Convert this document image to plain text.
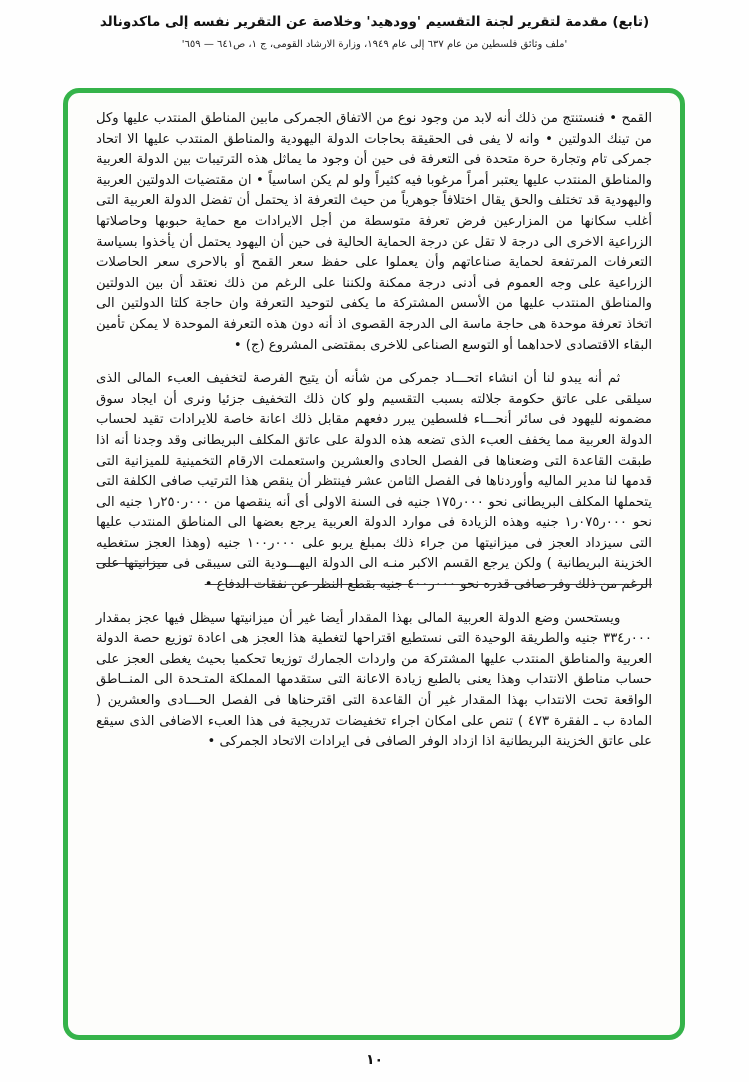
(تابع) مقدمة لتقرير لجنة التقسيم 'وودهيد' وخلاصة عن التقرير نفسه إلى ماكدونالد
'ملف وثائق فلسطين من عام ٦٣٧ إلى عام ١٩٤٩، وزارة الارشاد القومى، ج ١، ص٦٤١ — ٦٥٩'

القمح • فنستنتج من ذلك أنه لابد من وجود نوع من الاتفاق الجمركى مابين المناطق المنتدب عليها وكل من تينك الدولتين • وانه لا يفى فى الحقيقة بحاجات الدولة اليهودية والمناطق المنتدب عليها الا اتحاد جمركى تام وتجارة حرة متحدة فى التعرفة فى حين أن وجود ما يماثل هذه الترتيبات بين الدولة العربية والمناطق المنتدب عليها يعتبر أمراً مرغوبا فيه كثيراً ولو لم يكن اساسياً • ان مقتضيات الدولتين العربية واليهودية قد تختلف والحق يقال اختلافاً جوهرياً من حيث التعرفة اذ يحتمل أن تفضل الدولة العربية التى أغلب سكانها من المزارعين فرض تعرفة متوسطة من أجل الايرادات مع حماية حبوبها وحاصلاتها الزراعية الاخرى الى درجة لا تقل عن درجة الحماية الحالية فى حين أن اليهود يحتمل أن يأخذوا بسياسة التعرفات المرتفعة لحماية صناعاتهم وأن يعملوا على حفظ سعر القمح أو بالاحرى سعر الحاصلات الزراعية على وجه العموم فى أدنى درجة ممكنة ولكننا على الرغم من ذلك نعتقد أن بين الدولتين والمناطق المنتدب عليها من الأسس المشتركة ما يكفى لتوحيد التعرفة وان حاجة كلتا الدولتين الى اتخاذ تعرفة موحدة هى حاجة ماسة الى الدرجة القصوى اذ أنه دون هذه التعرفة الموحدة لا يمكن تأمين البقاء الاقتصادى لاحداهما أو التوسع الصناعى للاخرى بمقتضى المشروع (ج) •

ثم أنه يبدو لنا أن انشاء اتحـــاد جمركى من شأنه أن يتيح الفرصة لتخفيف العبء المالى الذى سيلقى على عاتق حكومة جلالته بسبب التقسيم ولو كان ذلك التخفيف جزئيا ونرى أن ايجاد سوق مضمونه لليهود فى سائر أنحـــاء فلسطين يبرر دفعهم مقابل ذلك اعانة خاصة للايرادات تقيد لحساب الدولة العربية مما يخفف العبء الذى تضعه هذه الدولة على عاتق المكلف البريطانى وقد وجدنا أنه اذا طبقت القاعدة التى وضعناها فى الفصل الحادى والعشرين واستعملت الارقام التخمينية للميزانية التى قدمها لنا مدير الماليه وأوردناها فى الفصل الثامن عشر فينتظر أن ينقص هذا الترتيب صافى الكلفة التى يتحملها المكلف البريطانى نحو ٠٠٠ر١٧٥ جنيه فى السنة الاولى أى أنه ينقصها من ٠٠٠ر٢٥٠ر١ جنيه الى نحو ٠٠٠ر٠٧٥ر١ جنيه وهذه الزيادة فى موارد الدولة العربية يرجع بعضها الى المناطق المنتدب عليها التى سيزداد العجز فى ميزانيتها من جراء ذلك بمبلغ يربو على ٠٠٠ر١٠٠ جنيه (وهذا العجز ستغطيه الخزينة البريطانية ) ولكن يرجع القسم الاكبر منـه الى الدولة اليهـــودية التى سيبقى فى ميزانيتها على الرغم من ذلك وفر صافى قدره نحو ٠٠٠ر٤٠٠ جنيه بقطع النظر عن نفقات الدفاع •

ويستحسن وضع الدولة العربية المالى بهذا المقدار أيضا غير أن ميزانيتها سيظل فيها عجز بمقدار ٠٠٠ر٣٣٤ جنيه والطريقة الوحيدة التى نستطيع اقتراحها لتغطية هذا العجز هى اعادة توزيع حصة الدولة العربية والمناطق المنتدب عليها المشتركة من واردات الجمارك توزيعا تحكميا بحيث يغطى العجز على حساب مناطق الانتداب وهذا يعنى بالطبع زيادة الاعانة التى ستقدمها المملكة المتـحدة الى المنــاطق الواقعة تحت الانتداب بهذا المقدار غير أن القاعدة التى اقترحناها فى الفصل الحـــادى والعشرين ( المادة ب ـ الفقرة ٤٧٣ ) تنص على امكان اجراء تخفيضات تدريجية فى هذا العبء الاضافى الذى سيقع على عاتق الخزينة البريطانية اذا ازداد الوفر الصافى فى ايرادات الاتحاد الجمركى •

١٠
